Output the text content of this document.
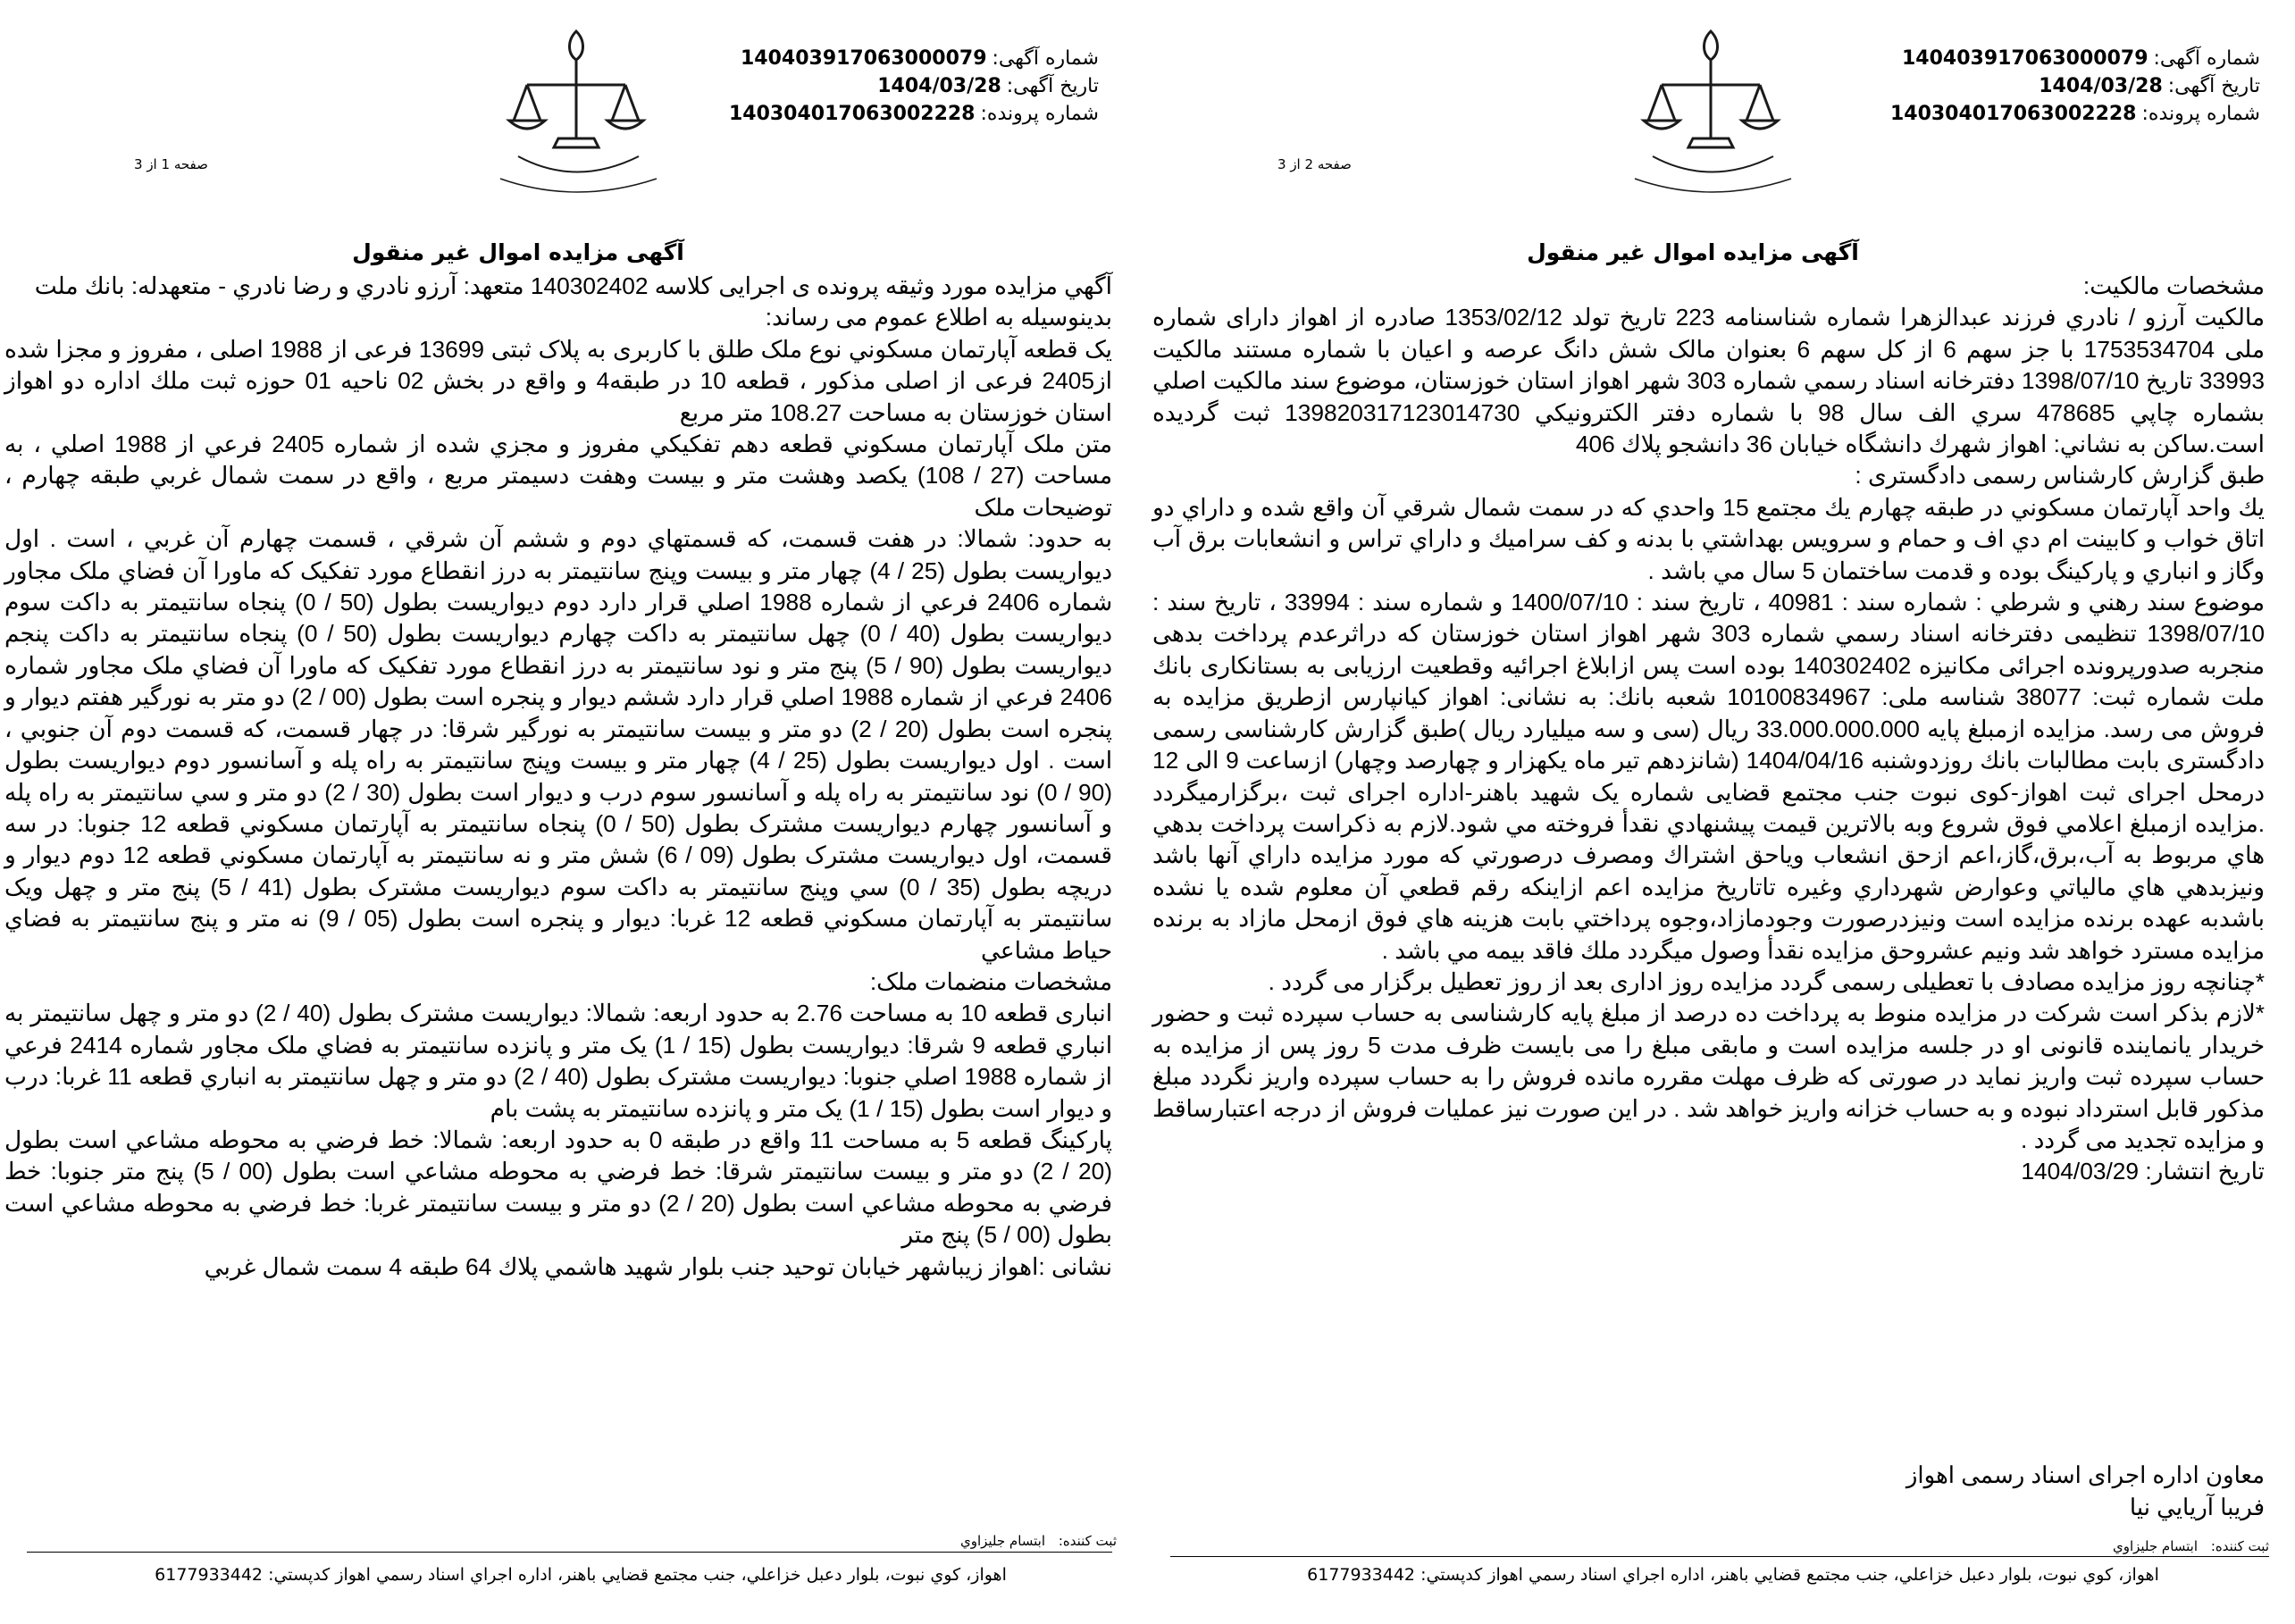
شماره آگهی:140403917063000079
تاریخ آگهی:1404/03/28
شماره پرونده:140304017063002228
صفحه 1 از 3
آگهی مزایده اموال غیر منقول

آگهي مزايده مورد وثيقه پرونده ی اجرایی کلاسه 140302402 متعهد: آرزو نادري و رضا نادري - متعهدله: بانك ملت

بدینوسیله به اطلاع عموم می رساند:

يک قطعه آپارتمان مسکوني نوع ملک طلق با کاربری به پلاک ثبتی 13699 فرعی از 1988 اصلی ، مفروز و مجزا شده از2405 فرعی از اصلی مذکور ، قطعه 10 در طبقه4 و واقع در بخش 02 ناحيه 01 حوزه ثبت ملك اداره دو اهواز استان خوزستان به مساحت 108.27 متر مربع

متن ملک آپارتمان مسکوني قطعه دهم تفکيکي مفروز و مجزي شده از شماره 2405 فرعي از 1988 اصلي ، به مساحت (27 / 108) يکصد وهشت متر و بيست وهفت دسيمتر مربع ، واقع در سمت شمال غربي طبقه چهارم ، توضيحات ملک

به حدود: شمالا: در هفت قسمت، که قسمتهاي دوم و ششم آن شرقي ، قسمت چهارم آن غربي ، است . اول ديواريست بطول (25 / 4) چهار متر و بيست وپنج سانتيمتر به درز انقطاع مورد تفکيک که ماورا آن فضاي ملک مجاور شماره 2406 فرعي از شماره 1988 اصلي قرار دارد دوم ديواريست بطول (50 / 0) پنجاه سانتيمتر به داکت سوم ديواريست بطول (40 / 0) چهل سانتيمتر به داکت چهارم ديواريست بطول (50 / 0) پنجاه سانتيمتر به داکت پنجم ديواريست بطول (90 / 5) پنج متر و نود سانتيمتر به درز انقطاع مورد تفکيک که ماورا آن فضاي ملک مجاور شماره 2406 فرعي از شماره 1988 اصلي قرار دارد ششم ديوار و پنجره است بطول (00 / 2) دو متر به نورگير هفتم ديوار و پنجره است بطول (20 / 2) دو متر و بيست سانتيمتر به نورگير شرقا: در چهار قسمت، که قسمت دوم آن جنوبي ، است . اول ديواريست بطول (25 / 4) چهار متر و بيست وپنج سانتيمتر به راه پله و آسانسور دوم ديواريست بطول (90 / 0) نود سانتيمتر به راه پله و آسانسور سوم درب و ديوار است بطول (30 / 2) دو متر و سي سانتيمتر به راه پله و آسانسور چهارم ديواريست مشترک بطول (50 / 0) پنجاه سانتيمتر به آپارتمان مسکوني قطعه 12 جنوبا: در سه قسمت، اول ديواريست مشترک بطول (09 / 6) شش متر و نه سانتيمتر به آپارتمان مسکوني قطعه 12 دوم ديوار و دريچه بطول (35 / 0) سي وپنج سانتيمتر به داکت سوم ديواريست مشترک بطول (41 / 5) پنج متر و چهل ويک سانتيمتر به آپارتمان مسکوني قطعه 12 غربا: ديوار و پنجره است بطول (05 / 9) نه متر و پنج سانتيمتر به فضاي حياط مشاعي

مشخصات منضمات ملک:

انباری قطعه 10 به مساحت 2.76 به حدود اربعه: شمالا: ديواريست مشترک بطول (40 / 2) دو متر و چهل سانتيمتر به انباري قطعه 9 شرقا: ديواريست بطول (15 / 1) يک متر و پانزده سانتيمتر به فضاي ملک مجاور شماره 2414 فرعي از شماره 1988 اصلي جنوبا: ديواريست مشترک بطول (40 / 2) دو متر و چهل سانتيمتر به انباري قطعه 11 غربا: درب و ديوار است بطول (15 / 1) يک متر و پانزده سانتيمتر به پشت بام

پارکینگ قطعه 5 به مساحت 11 واقع در طبقه 0 به حدود اربعه: شمالا: خط فرضي به محوطه مشاعي است بطول (20 / 2) دو متر و بيست سانتيمتر شرقا: خط فرضي به محوطه مشاعي است بطول (00 / 5) پنج متر جنوبا: خط فرضي به محوطه مشاعي است بطول (20 / 2) دو متر و بيست سانتيمتر غربا: خط فرضي به محوطه مشاعي است بطول (00 / 5) پنج متر

نشانی :اهواز زيباشهر خيابان توحيد جنب بلوار شهيد هاشمي پلاك 64 طبقه 4 سمت شمال غربي

ثبت کننده: ابتسام جليزاوي
اهواز، كوي نبوت، بلوار دعبل خزاعلي، جنب مجتمع قضايي باهنر، اداره اجراي اسناد رسمي اهواز كدپستي: 6177933442
شماره آگهی:140403917063000079
تاریخ آگهی:1404/03/28
شماره پرونده:140304017063002228
صفحه 2 از 3
آگهی مزایده اموال غیر منقول

مشخصات مالکيت:

مالکيت آرزو / نادري فرزند عبدالزهرا شماره شناسنامه 223 تاريخ تولد 1353/02/12 صادره از اهواز دارای شماره ملی 1753534704 با جز سهم 6 از کل سهم 6 بعنوان مالک شش دانگ عرصه و اعيان با شماره مستند مالکيت 33993 تاريخ 1398/07/10 دفترخانه اسناد رسمي شماره 303 شهر اهواز استان خوزستان، موضوع سند مالکيت اصلي بشماره چاپي 478685 سري الف سال 98 با شماره دفتر الکترونيکي 139820317123014730 ثبت گرديده است.ساكن به نشاني: اهواز شهرك دانشگاه خيابان 36 دانشجو پلاك 406

طبق گزارش کارشناس رسمی دادگستری :

يك واحد آپارتمان مسكوني در طبقه چهارم يك مجتمع 15 واحدي كه در سمت شمال شرقي آن واقع شده و داراي دو اتاق خواب و كابينت ام دي اف و حمام و سرويس بهداشتي با بدنه و كف سراميك و داراي تراس و انشعابات برق آب وگاز و انباري و پاركينگ بوده و قدمت ساختمان 5 سال مي باشد .

موضوع سند رهني و شرطي : شماره سند : 40981 ، تاريخ سند : 1400/07/10 و شماره سند : 33994 ، تاريخ سند : 1398/07/10 تنظيمی دفترخانه اسناد رسمي شماره 303 شهر اهواز استان خوزستان كه دراثرعدم پرداخت بدهی منجربه صدورپرونده اجرائی مكانيزه 140302402 بوده است پس ازابلاغ اجرائيه وقطعيت ارزيابی به بستانكاری بانك ملت شماره ثبت: 38077 شناسه ملی: 10100834967 شعبه بانك: به نشانی: اهواز كيانپارس ازطريق مزايده به فروش می رسد. مزايده ازمبلغ پايه 33.000.000.000 ريال (سی و سه ميليارد ريال )طبق گزارش كارشناسی رسمی دادگستری بابت مطالبات بانك روزدوشنبه 1404/04/16 (شانزدهم تير ماه يكهزار و چهارصد وچهار) ازساعت 9 الی 12 درمحل اجرای ثبت اهواز-كوی نبوت جنب مجتمع قضايی شماره يک شهيد باهنر-اداره اجرای ثبت ،برگزارميگردد .مزايده ازمبلغ اعلامي فوق شروع وبه بالاترين قيمت پيشنهادي نقدأ فروخته مي شود.لازم به ذكراست پرداخت بدهي هاي مربوط به آب،برق،گاز،اعم ازحق انشعاب وياحق اشتراك ومصرف درصورتي كه مورد مزايده داراي آنها باشد ونيزبدهي هاي مالياتي وعوارض شهرداري وغيره تاتاريخ مزايده اعم ازاينكه رقم قطعي آن معلوم شده يا نشده باشدبه عهده برنده مزايده است ونيزدرصورت وجودمازاد،وجوه پرداختي بابت هزينه هاي فوق ازمحل مازاد به برنده مزايده مسترد خواهد شد ونيم عشروحق مزايده نقدأ وصول ميگردد ملك فاقد بيمه مي باشد .

*چنانچه روز مزايده مصادف با تعطيلی رسمی گردد مزايده روز اداری بعد از روز تعطيل برگزار می گردد .

*لازم بذكر است شركت در مزايده منوط به پرداخت ده درصد از مبلغ پايه كارشناسی به حساب سپرده ثبت و حضور خريدار يانماينده قانونی او در جلسه مزايده است و مابقی مبلغ را می بايست ظرف مدت 5 روز پس از مزايده به حساب سپرده ثبت واريز نمايد در صورتی كه ظرف مهلت مقرره مانده فروش را به حساب سپرده واريز نگردد مبلغ مذكور قابل استرداد نبوده و به حساب خزانه واريز خواهد شد . در اين صورت نيز عمليات فروش از درجه اعتبارساقط و مزايده تجديد می گردد .

تاریخ انتشار: 1404/03/29

معاون اداره اجرای اسناد رسمی اهواز
فريبا آريايي نيا
ثبت کننده: ابتسام جليزاوي
اهواز، كوي نبوت، بلوار دعبل خزاعلي، جنب مجتمع قضايي باهنر، اداره اجراي اسناد رسمي اهواز كدپستي: 6177933442
